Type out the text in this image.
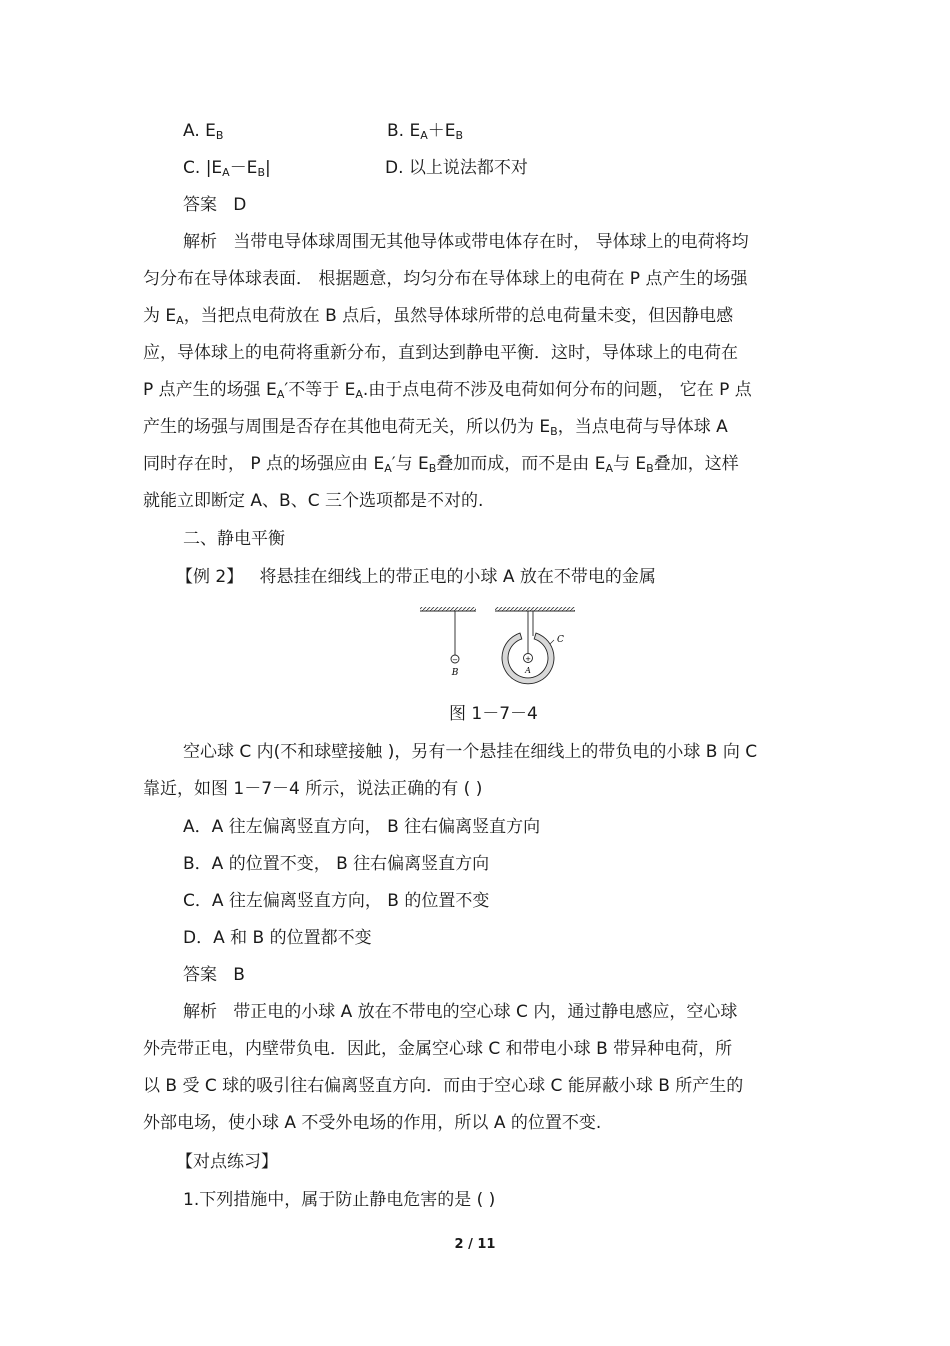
A. $E_B$	B. $E_A+E_B$
C. $|E_A-E_B|$	D. 以上说法都不对
答案 D
解析 当带电导体球周围无其他导体或带电体存在时， 导体球上的电荷将均
匀分布在导体球表面． 根据题意，均匀分布在导体球上的电荷在 P 点产生的场强
为 $E_A$，当把点电荷放在 B 点后，虽然导体球所带的总电荷量未变，但因静电感
应，导体球上的电荷将重新分布，直到达到静电平衡．这时，导体球上的电荷在
P 点产生的场强 $E_A'$不等于 $E_A$.由于点电荷不涉及电荷如何分布的问题， 它在 P 点
产生的场强与周围是否存在其他电荷无关，所以仍为 $E_B$，当点电荷与导体球 A
同时存在时， P 点的场强应由 $E_A'$与 $E_B$叠加而成，而不是由 $E_A$与 $E_B$叠加，这样
就能立即断定 A、B、C 三个选项都是不对的.
二、静电平衡
【例 2】 将悬挂在细线上的带正电的小球 A 放在不带电的金属
−
B
+
A
C
图 1－7－4
空心球 C 内(不和球壁接触 )，另有一个悬挂在细线上的带负电的小球 B 向 C
靠近，如图 1－7－4 所示，说法正确的有 ( )
A．A 往左偏离竖直方向， B 往右偏离竖直方向
B．A 的位置不变， B 往右偏离竖直方向
C．A 往左偏离竖直方向， B 的位置不变
D．A 和 B 的位置都不变
答案 B
解析 带正电的小球 A 放在不带电的空心球 C 内，通过静电感应，空心球
外壳带正电，内壁带负电．因此，金属空心球 C 和带电小球 B 带异种电荷，所
以 B 受 C 球的吸引往右偏离竖直方向．而由于空心球 C 能屏蔽小球 B 所产生的
外部电场，使小球 A 不受外电场的作用，所以 A 的位置不变.
【对点练习】
1.下列措施中，属于防止静电危害的是 ( )
2 / 11
